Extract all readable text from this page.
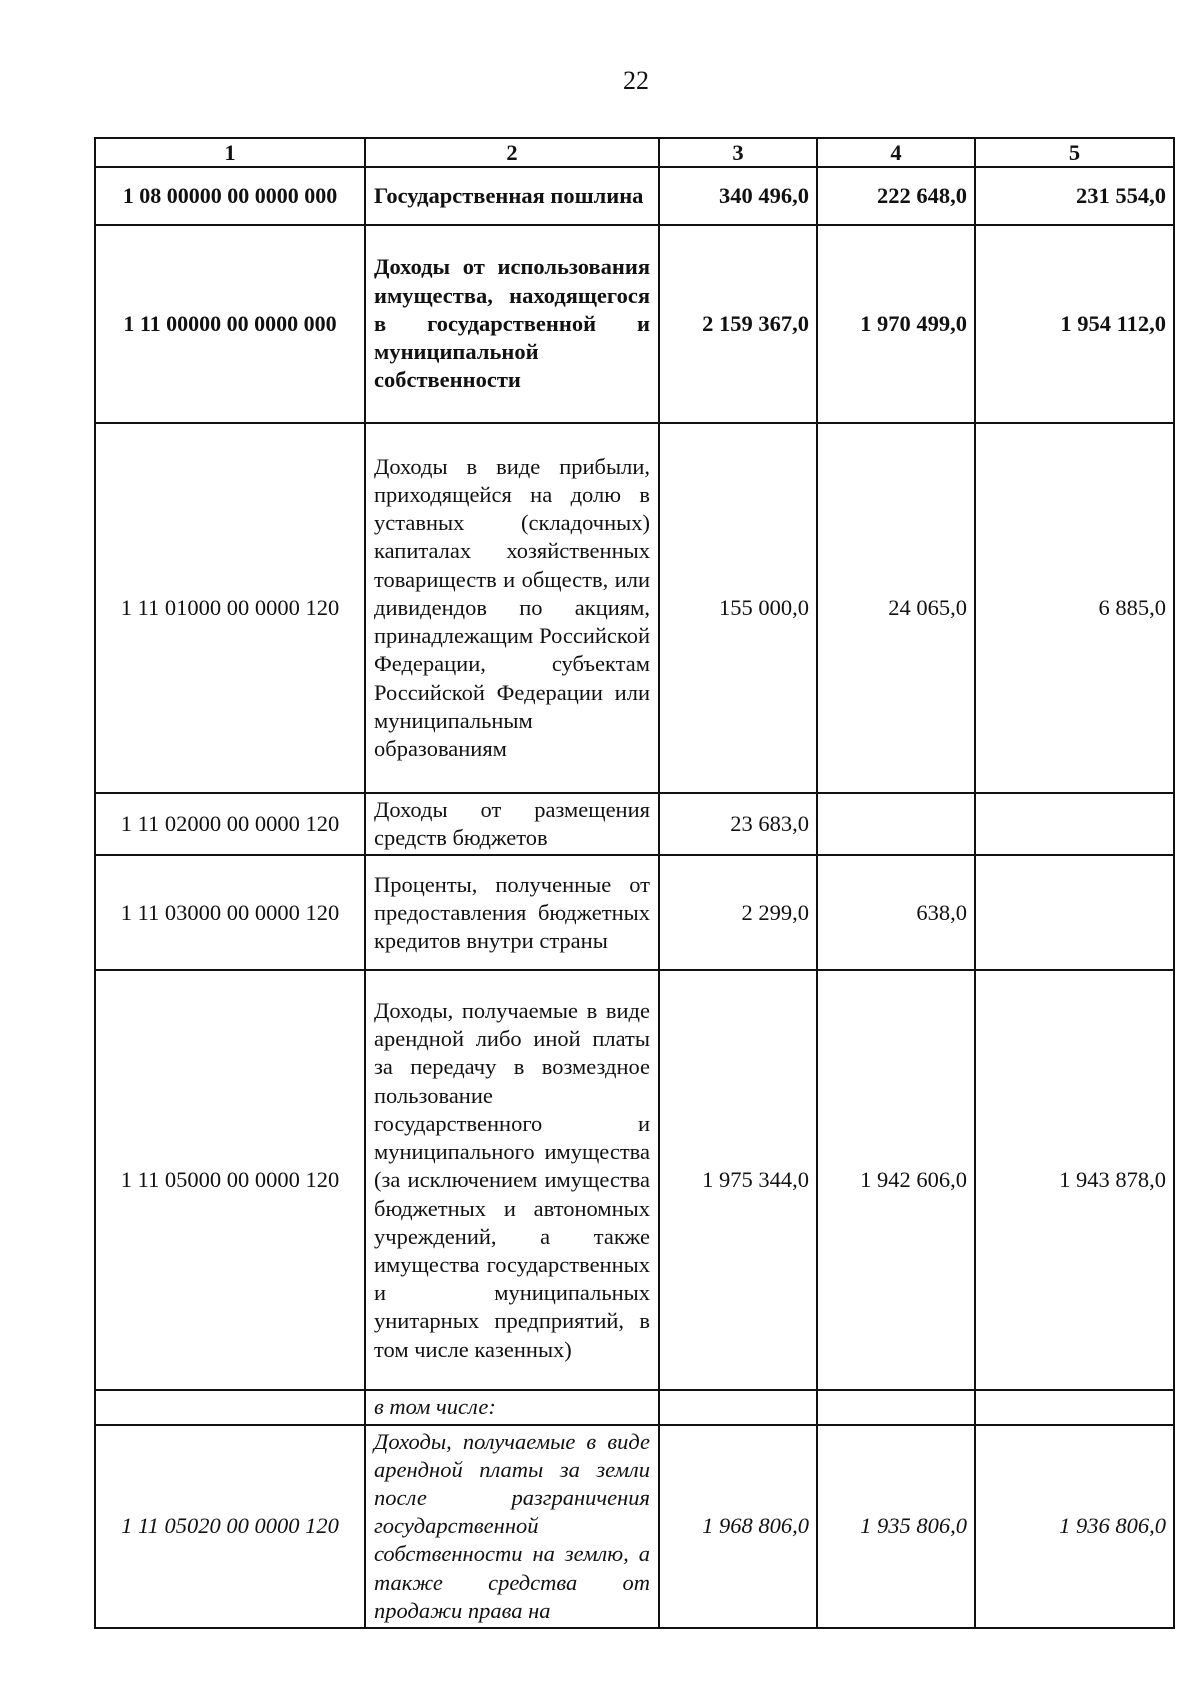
22
1	2	3	4	5
1 08 00000 00 0000 000	Государственная пошлина	340 496,0	222 648,0	231 554,0
1 11 00000 00 0000 000	Доходы от использования имущества, находящегося в государственной и муниципальной собственности	2 159 367,0	1 970 499,0	1 954 112,0
1 11 01000 00 0000 120	Доходы в виде прибыли, приходящейся на долю в уставных (складочных) капиталах хозяйственных товариществ и обществ, или дивидендов по акциям, принадлежащим Российской Федерации, субъектам Российской Федерации или муниципальным образованиям	155 000,0	24 065,0	6 885,0
1 11 02000 00 0000 120	Доходы от размещения средств бюджетов	23 683,0		
1 11 03000 00 0000 120	Проценты, полученные от предоставления бюджетных кредитов внутри страны	2 299,0	638,0	
1 11 05000 00 0000 120	Доходы, получаемые в виде арендной либо иной платы за передачу в возмездное пользование государственного и муниципального имущества (за исключением имущества бюджетных и автономных учреждений, а также имущества государственных и муниципальных унитарных предприятий, в том числе казенных)	1 975 344,0	1 942 606,0	1 943 878,0
	в том числе:			
1 11 05020 00 0000 120	Доходы, получаемые в виде арендной платы за земли после разграничения государственной собственности на землю, а также средства от продажи права на	1 968 806,0	1 935 806,0	1 936 806,0
